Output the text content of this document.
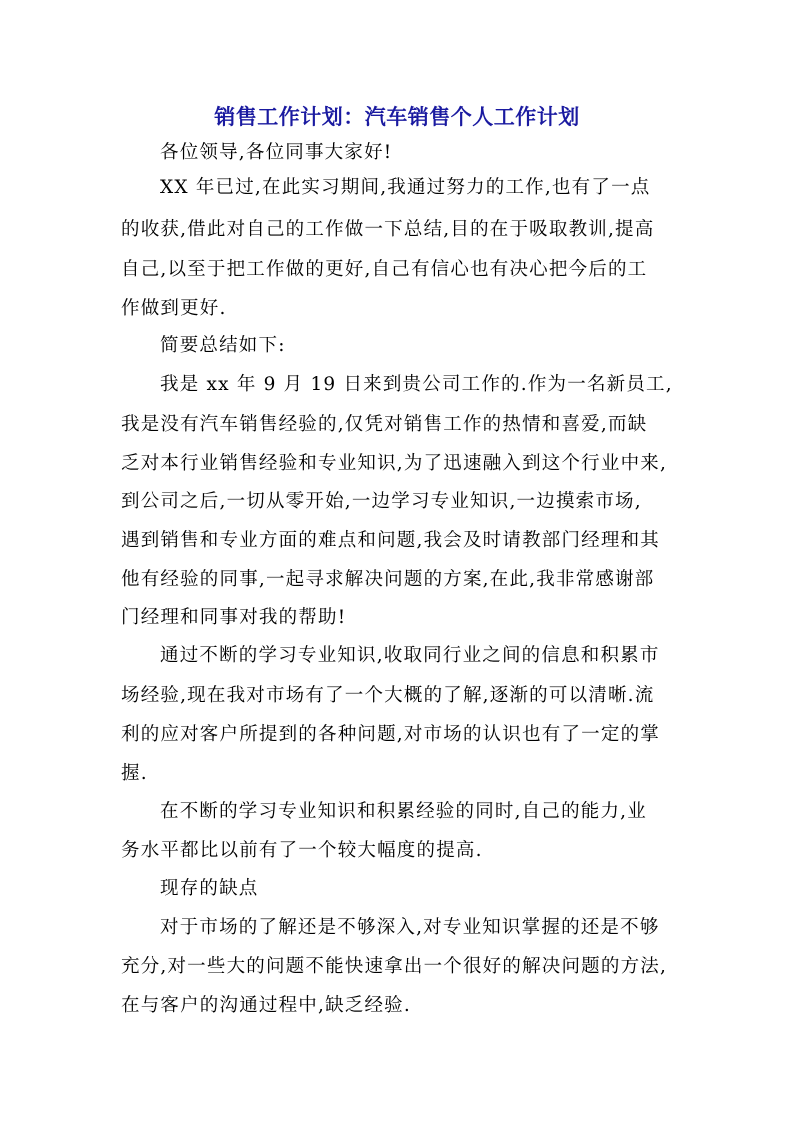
销售工作计划：汽车销售个人工作计划
各位领导,各位同事大家好!
XX 年已过,在此实习期间,我通过努力的工作,也有了一点
的收获,借此对自己的工作做一下总结,目的在于吸取教训,提高
自己,以至于把工作做的更好,自己有信心也有决心把今后的工
作做到更好.
简要总结如下:
我是 xx 年 9 月 19 日来到贵公司工作的.作为一名新员工,
我是没有汽车销售经验的,仅凭对销售工作的热情和喜爱,而缺
乏对本行业销售经验和专业知识,为了迅速融入到这个行业中来,
到公司之后,一切从零开始,一边学习专业知识,一边摸索市场,
遇到销售和专业方面的难点和问题,我会及时请教部门经理和其
他有经验的同事,一起寻求解决问题的方案,在此,我非常感谢部
门经理和同事对我的帮助!
通过不断的学习专业知识,收取同行业之间的信息和积累市
场经验,现在我对市场有了一个大概的了解,逐渐的可以清晰.流
利的应对客户所提到的各种问题,对市场的认识也有了一定的掌
握.
在不断的学习专业知识和积累经验的同时,自己的能力,业
务水平都比以前有了一个较大幅度的提高.
现存的缺点
对于市场的了解还是不够深入,对专业知识掌握的还是不够
充分,对一些大的问题不能快速拿出一个很好的解决问题的方法,
在与客户的沟通过程中,缺乏经验.
